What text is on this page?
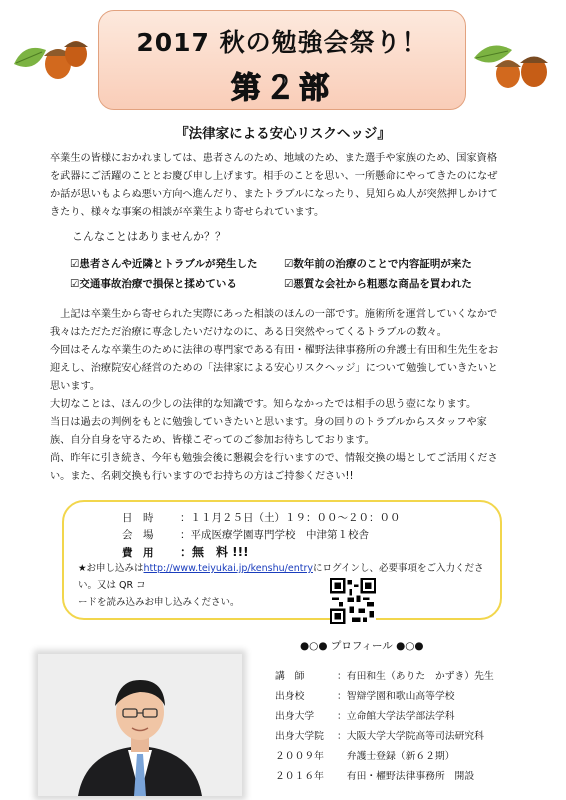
2017 秋の勉強会祭り！
第２部
『法律家による安心リスクヘッジ』
卒業生の皆様におかれましては、患者さんのため、地域のため、また選手や家族のため、国家資格
を武器にご活躍のこととお慶び申し上げます。相手のことを思い、一所懸命にやってきたのになぜ
か話が思いもよらぬ悪い方向へ進んだり、またトラブルになったり、見知らぬ人が突然押しかけて
きたり、様々な事案の相談が卒業生より寄せられています。
こんなことはありませんか？？
☑患者さんや近隣とトラブルが発生した	☑数年前の治療のことで内容証明が来た
☑交通事故治療で損保と揉めている	☑悪質な会社から粗悪な商品を買われた
　上記は卒業生から寄せられた実際にあった相談のほんの一部です。施術所を運営していくなかで
我々はただただ治療に専念したいだけなのに、ある日突然やってくるトラブルの数々。
今回はそんな卒業生のために法律の専門家である有田・櫂野法律事務所の弁護士有田和生先生をお
迎えし、治療院安心経営のための「法律家による安心リスクヘッジ」について勉強していきたいと
思います。
大切なことは、ほんの少しの法律的な知識です。知らなかったでは相手の思う壺になります。
当日は過去の判例をもとに勉強していきたいと思います。身の回りのトラブルからスタッフや家
族、自分自身を守るため、皆様こぞってのご参加お待ちしております。
尚、昨年に引き続き、今年も勉強会後に懇親会を行いますので、情報交換の場としてご活用くださ
い。また、名刺交換も行いますのでお持ちの方はご持参ください!!
日　時	：１１月２５日（土）１９：００～２０：００
会　場	：平成医療学園専門学校　中津第１校舎
費　用 ：無　料 !!!
★お申し込みはhttp://www.teiyukai.jp/kenshu/entryにログインし、必要事項をご入力ください。又は QR コ
ードを読み込みお申し込みください。
●○● プロフィール ●○●
講　師	：有田和生（ありた　かずき）先生
出身校	：智辯学園和歌山高等学校
出身大学 ：立命館大学法学部法学科
出身大学院 ：大阪大学大学院高等司法研究科
２００９年　弁護士登録（新６２期）
２０１６年　有田・櫂野法律事務所　開設
